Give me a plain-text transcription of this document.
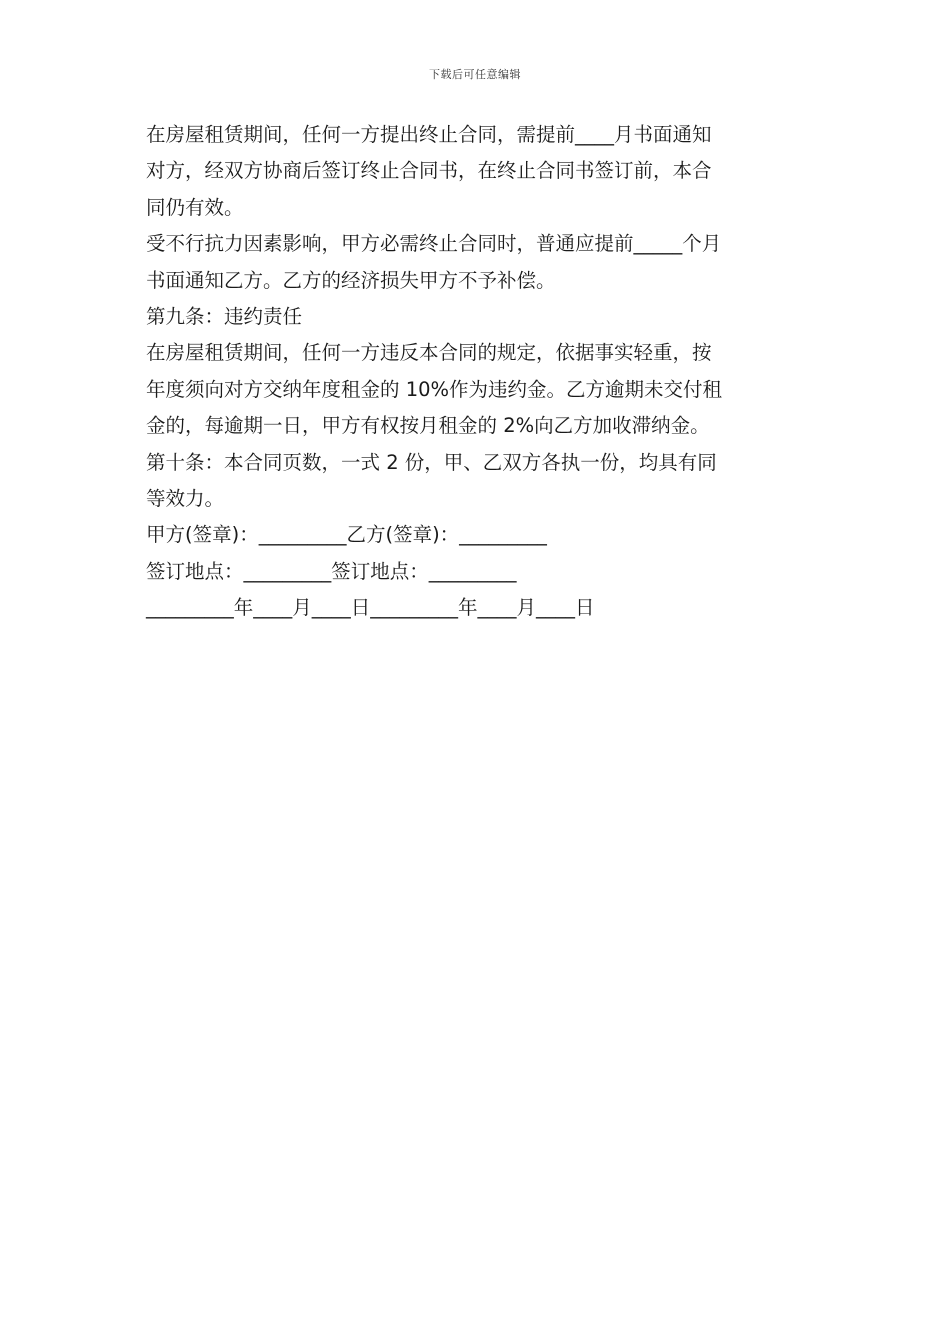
下载后可任意编辑
在房屋租赁期间，任何一方提出终止合同，需提前____月书面通知
对方，经双方协商后签订终止合同书，在终止合同书签订前，本合
同仍有效。
受不行抗力因素影响，甲方必需终止合同时，普通应提前_____个月
书面通知乙方。乙方的经济损失甲方不予补偿。
第九条：违约责任
在房屋租赁期间，任何一方违反本合同的规定，依据事实轻重，按
年度须向对方交纳年度租金的 10%作为违约金。乙方逾期未交付租
金的，每逾期一日，甲方有权按月租金的 2%向乙方加收滞纳金。
第十条：本合同页数，一式 2 份，甲、乙双方各执一份，均具有同
等效力。
甲方(签章)：_________乙方(签章)：_________
签订地点：_________签订地点：_________
_________年____月____日_________年____月____日
